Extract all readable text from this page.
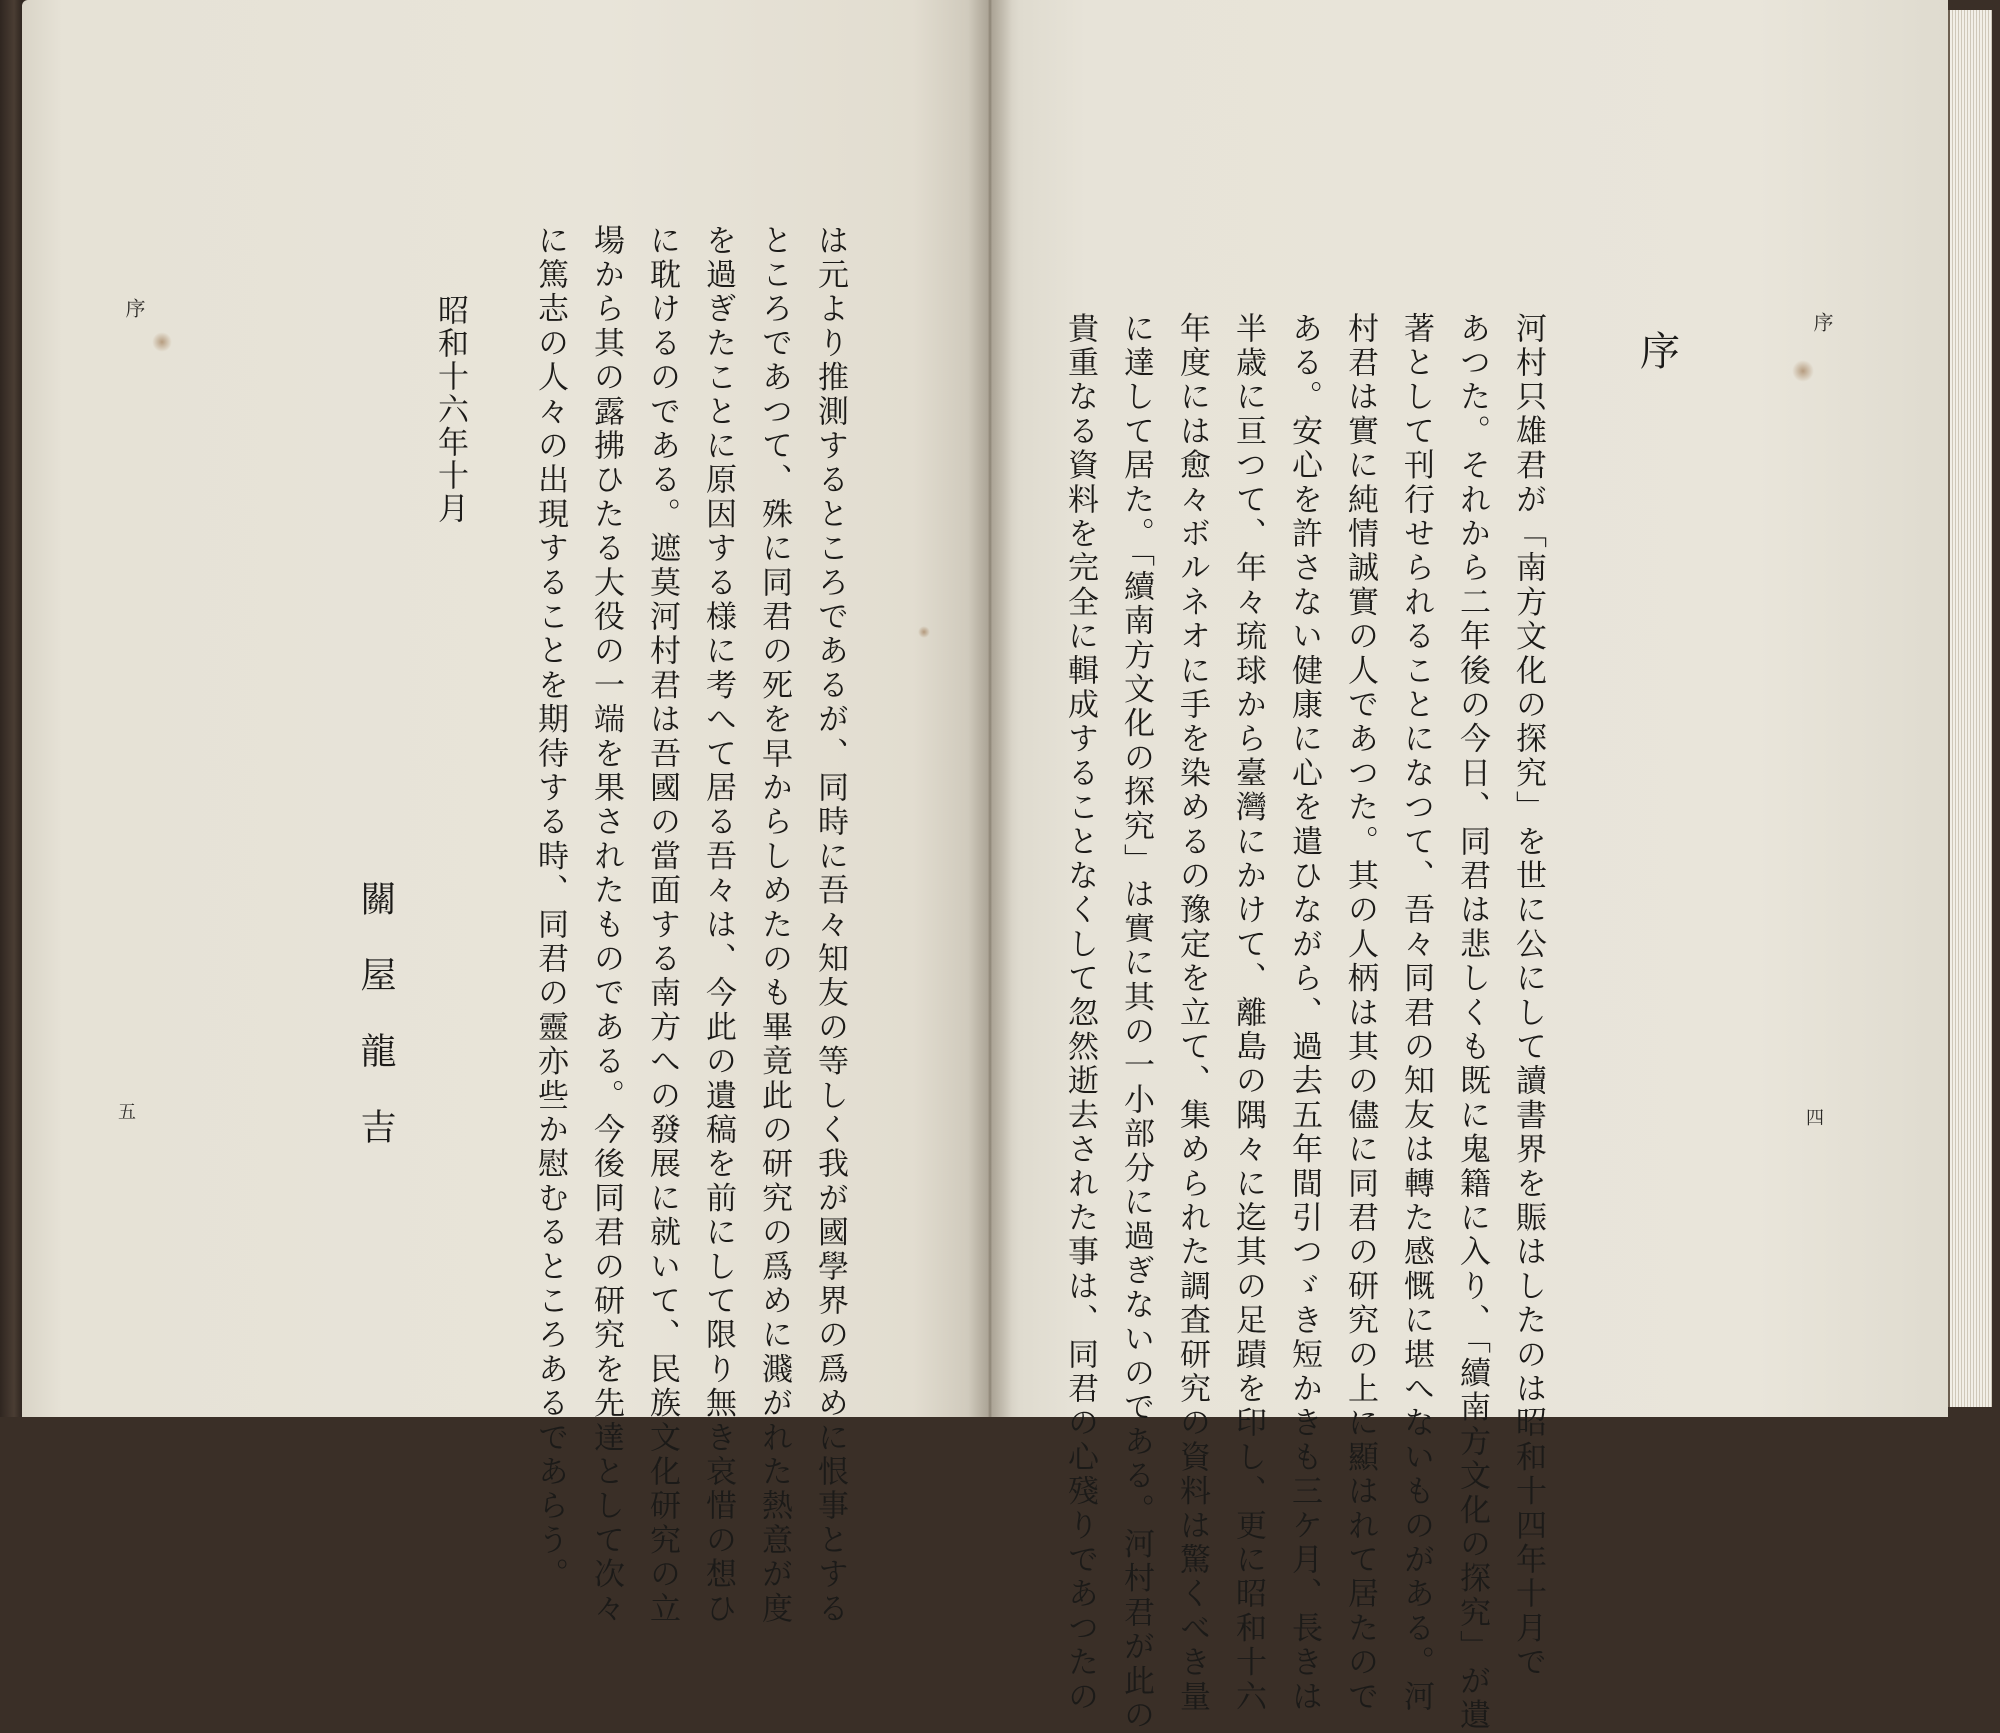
序
五	は元より推測するところであるが、同時に吾々知友の等しく我が國學界の爲めに恨事とする
ところであつて、殊に同君の死を早からしめたのも畢竟此の研究の爲めに濺がれた熱意が度
を過ぎたことに原因する様に考へて居る吾々は、今此の遺稿を前にして限り無き哀惜の想ひ
に耽けるのである。遮莫河村君は吾國の當面する南方への發展に就いて、民族文化研究の立
場から其の露拂ひたる大役の一端を果されたものである。今後同君の研究を先達として次々
に篤志の人々の出現することを期待する時、同君の靈亦些か慰むるところあるであらう。
昭和十六年十月
關屋龍吉
序
四
序
河村只雄君が「南方文化の探究」を世に公にして讀書界を賑はしたのは昭和十四年十月で
あつた。それから二年後の今日、同君は悲しくも既に鬼籍に入り、「續南方文化の探究」が遺
著として刊行せられることになつて、吾々同君の知友は轉た感慨に堪へないものがある。河
村君は實に純情誠實の人であつた。其の人柄は其の儘に同君の研究の上に顯はれて居たので
ある。安心を許さない健康に心を遣ひながら、過去五年間引つゞき短かきも三ケ月、長きは
半歳に亘つて、年々琉球から臺灣にかけて、離島の隅々に迄其の足蹟を印し、更に昭和十六
年度には愈々ボルネオに手を染めるの豫定を立て、集められた調査研究の資料は驚くべき量
に達して居た。「續南方文化の探究」は實に其の一小部分に過ぎないのである。河村君が此の
貴重なる資料を完全に輯成することなくして忽然逝去された事は、同君の心殘りであつたの
